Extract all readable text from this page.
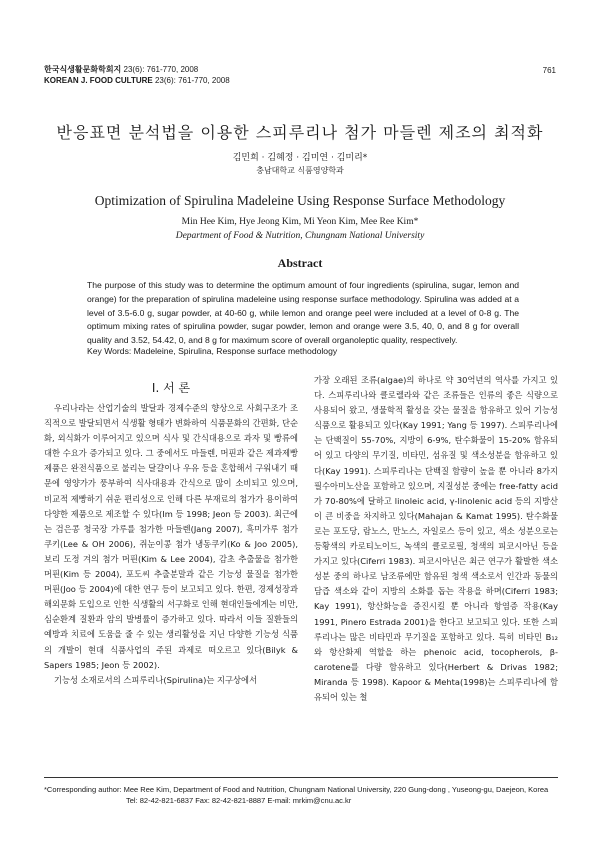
한국식생활문화학회지 23(6): 761-770, 2008
KOREAN J. FOOD CULTURE 23(6): 761-770, 2008
761
반응표면 분석법을 이용한 스피루리나 첨가 마들렌 제조의 최적화
김민희 · 김혜정 · 김미연 · 김미리*
충남대학교 식품영양학과
Optimization of Spirulina Madeleine Using Response Surface Methodology
Min Hee Kim, Hye Jeong Kim, Mi Yeon Kim, Mee Ree Kim*
Department of Food & Nutrition, Chungnam National University
Abstract
The purpose of this study was to determine the optimum amount of four ingredients (spirulina, sugar, lemon and orange) for the preparation of spirulina madeleine using response surface methodology. Spirulina was added at a level of 3.5-6.0 g, sugar powder, at 40-60 g, while lemon and orange peel were included at a level of 0-8 g. The optimum mixing rates of spirulina powder, sugar powder, lemon and orange were 3.5, 40, 0, and 8 g for overall quality and 3.52, 54.42, 0, and 8 g for maximum score of overall organoleptic quality, respectively.
Key Words: Madeleine, Spirulina, Response surface methodology
I. 서 론

우리나라는 산업기술의 발달과 경제수준의 향상으로 사회구조가 조직적으로 발달되면서 식생활 형태가 변화하여 식품문화의 간편화, 단순화, 외식화가 이루어지고 있으며 식사 및 간식대용으로 과자 및 빵류에 대한 수요가 증가되고 있다. 그 중에서도 마들렌, 머핀과 같은 제과제빵제품은 완전식품으로 불리는 달걀이나 우유 등을 혼합해서 구워내기 때문에 영양가가 풍부하여 식사대용과 간식으로 많이 소비되고 있으며, 비교적 제빵하기 쉬운 편리성으로 인해 다른 부재료의 첨가가 용이하여 다양한 제품으로 제조할 수 있다(Im 등 1998; Jeon 등 2003). 최근에는 검은콩 청국장 가루를 첨가한 마들렌(Jang 2007), 흑미가루 첨가 쿠키(Lee & OH 2006), 쥐눈이콩 첨가 냉동쿠키(Ko & Joo 2005), 보리 도정 겨의 첨가 머핀(Kim & Lee 2004), 감초 추출물을 첨가한 머핀(Kim 등 2004), 포도씨 추출분말과 같은 기능성 물질을 첨가한 머핀(Joo 등 2004)에 대한 연구 등이 보고되고 있다. 한편, 경제성장과 해외문화 도입으로 인한 식생활의 서구화로 인해 현대인들에게는 비만, 심순환계 질환과 암의 발병률이 증가하고 있다. 따라서 이들 질환들의 예방과 치료에 도움을 줄 수 있는 생리활성을 지닌 다양한 기능성 식품의 개발이 현대 식품사업의 주된 과제로 떠오르고 있다(Bilyk & Sapers 1985; Jeon 등 2002).

기능성 소재로서의 스피루리나(Spirulina)는 지구상에서

가장 오래된 조류(algae)의 하나로 약 30억년의 역사를 가지고 있다. 스피루리나와 클로렐라와 같은 조류들은 인류의 좋은 식량으로 사용되어 왔고, 생물학적 활성을 갖는 물질을 함유하고 있어 기능성 식품으로 활용되고 있다(Kay 1991; Yang 등 1997). 스피루리나에는 단백질이 55-70%, 지방이 6-9%, 탄수화물이 15-20% 함유되어 있고 다양의 무기질, 비타민, 섬유질 및 색소성분을 함유하고 있다(Kay 1991). 스피루리나는 단백질 함량이 높을 뿐 아니라 8가지 필수아미노산을 포함하고 있으며, 지질성분 중에는 free-fatty acid가 70-80%에 달하고 linoleic acid, γ-linolenic acid 등의 지방산이 큰 비중을 차지하고 있다(Mahajan & Kamat 1995). 탄수화물로는 포도당, 람노스, 만노스, 자일로스 등이 있고, 색소 성분으로는 등황색의 카로티노이드, 녹색의 클로로필, 청색의 피코시아닌 등을 가지고 있다(Ciferri 1983). 피코시아닌은 최근 연구가 활발한 색소 성분 중의 하나로 남조류에만 함유된 청색 색소로서 인간과 동물의 담즙 색소와 같이 지방의 소화를 돕는 작용을 하며(Ciferri 1983; Kay 1991), 항산화능을 증진시킬 뿐 아니라 항염증 작용(Kay 1991, Pinero Estrada 2001)을 한다고 보고되고 있다. 또한 스피루리나는 많은 비타민과 무기질을 포함하고 있다. 특히 비타민 B₁₂와 항산화제 역할을 하는 phenoic acid, tocopherols, β-carotene를 다량 함유하고 있다(Herbert & Drivas 1982; Miranda 등 1998). Kapoor & Mehta(1998)는 스피루리나에 함유되어 있는 철

*Corresponding author: Mee Ree Kim, Department of Food and Nutrition, Chungnam National University, 220 Gung-dong , Yuseong-gu, Daejeon, Korea
Tel: 82-42-821-6837 Fax: 82-42-821-8887 E-mail: mrkim@cnu.ac.kr
